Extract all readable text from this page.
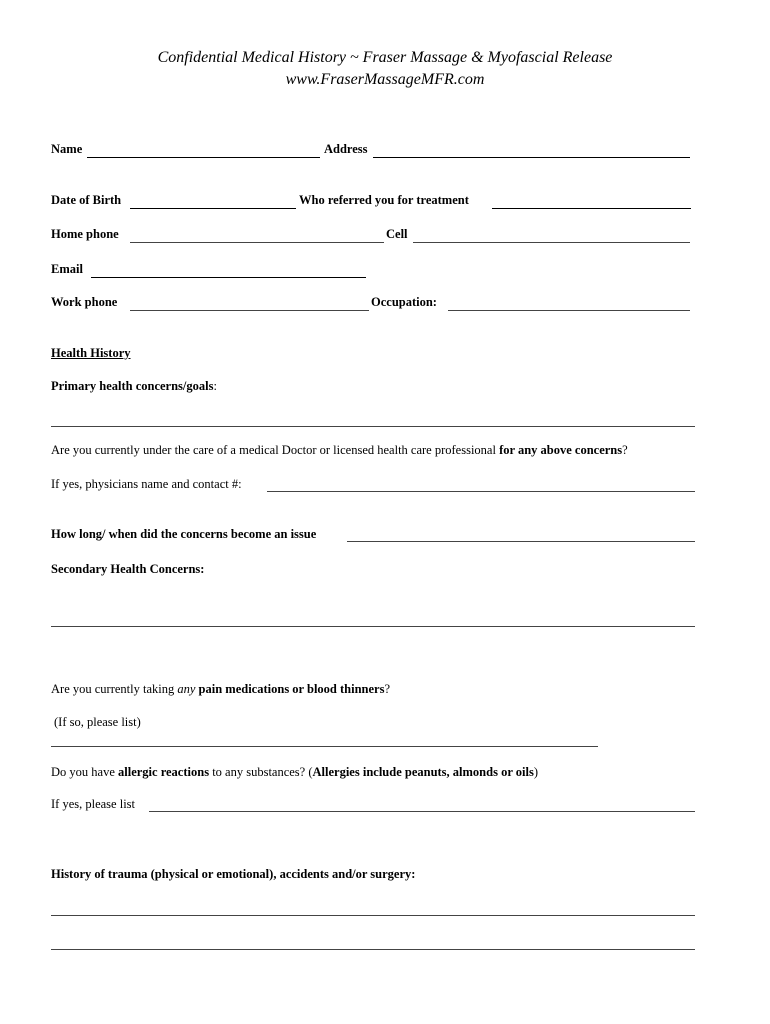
Confidential Medical History ~ Fraser Massage & Myofascial Release
www.FraserMassageMFR.com
Name	Address
Date of Birth	Who referred you for treatment
Home phone	Cell
Email
Work phone	Occupation:
Health History
Primary health concerns/goals:
Are you currently under the care of a medical Doctor or licensed health care professional for any above concerns?
If yes, physicians name and contact #:
How long/ when did the concerns become an issue
Secondary Health Concerns:
Are you currently taking any pain medications or blood thinners?
(If so, please list)
Do you have allergic reactions to any substances? (Allergies include peanuts, almonds or oils)
If yes, please list
History of trauma (physical or emotional), accidents and/or surgery:
